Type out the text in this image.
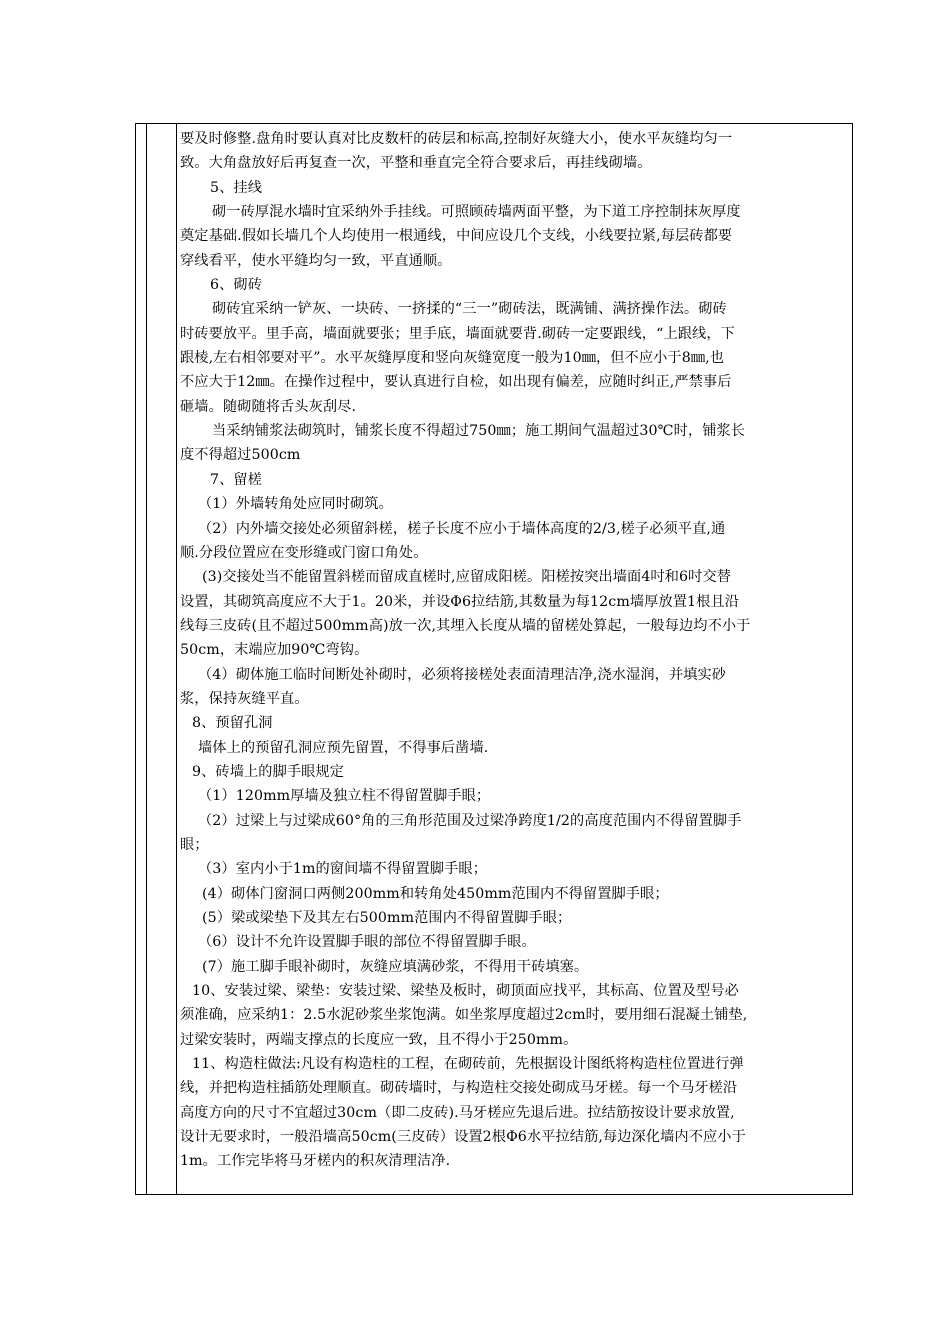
要及时修整.盘角时要认真对比皮数杆的砖层和标高,控制好灰缝大小，使水平灰缝均匀一

致。大角盘放好后再复查一次，平整和垂直完全符合要求后，再挂线砌墙。

5、挂线

砌一砖厚混水墙时宜采纳外手挂线。可照顾砖墙两面平整，为下道工序控制抹灰厚度

奠定基础.假如长墙几个人均使用一根通线，中间应设几个支线，小线要拉紧,每层砖都要

穿线看平，使水平缝均匀一致，平直通顺。

6、砌砖

砌砖宜采纳一铲灰、一块砖、一挤揉的“三一”砌砖法，既满铺、满挤操作法。砌砖

时砖要放平。里手高，墙面就要张；里手底，墙面就要背.砌砖一定要跟线，“上跟线，下

跟棱,左右相邻要对平”。水平灰缝厚度和竖向灰缝宽度一般为10㎜，但不应小于8㎜,也

不应大于12㎜。在操作过程中，要认真进行自检，如出现有偏差，应随时纠正,严禁事后

砸墙。随砌随将舌头灰刮尽.

当采纳铺浆法砌筑时，铺浆长度不得超过750㎜；施工期间气温超过30℃时，铺浆长

度不得超过500cm

7、留槎

（1）外墙转角处应同时砌筑。

（2）内外墙交接处必须留斜槎，槎子长度不应小于墙体高度的2/3,槎子必须平直,通

顺.分段位置应在变形缝或门窗口角处。

(3)交接处当不能留置斜槎而留成直槎时,应留成阳槎。阳槎按突出墙面4吋和6吋交替

设置，其砌筑高度应不大于1。20米，并设Φ6拉结筋,其数量为每12cm墙厚放置1根且沿

线每三皮砖(且不超过500mm高)放一次,其埋入长度从墙的留槎处算起，一般每边均不小于

50cm，末端应加90℃弯钩。

（4）砌体施工临时间断处补砌时，必须将接槎处表面清理洁净,浇水湿润，并填实砂

浆，保持灰缝平直。

8、预留孔洞

墙体上的预留孔洞应预先留置，不得事后凿墙.

9、砖墙上的脚手眼规定

（1）120mm厚墙及独立柱不得留置脚手眼；

（2）过梁上与过梁成60°角的三角形范围及过梁净跨度1/2的高度范围内不得留置脚手

眼；

（3）室内小于1m的窗间墙不得留置脚手眼；

(4）砌体门窗洞口两侧200mm和转角处450mm范围内不得留置脚手眼；

(5）梁或梁垫下及其左右500mm范围内不得留置脚手眼；

（6）设计不允许设置脚手眼的部位不得留置脚手眼。

(7）施工脚手眼补砌时，灰缝应填满砂浆，不得用干砖填塞。

10、安装过梁、梁垫：安装过梁、梁垫及板时，砌顶面应找平，其标高、位置及型号必

须准确，应采纳1：2.5水泥砂浆坐浆饱满。如坐浆厚度超过2cm时，要用细石混凝土铺垫,

过梁安装时，两端支撑点的长度应一致，且不得小于250mm。

11、构造柱做法:凡设有构造柱的工程，在砌砖前，先根据设计图纸将构造柱位置进行弹

线，并把构造柱插筋处理顺直。砌砖墙时，与构造柱交接处砌成马牙槎。每一个马牙槎沿

高度方向的尺寸不宜超过30cm（即二皮砖).马牙槎应先退后进。拉结筋按设计要求放置,

设计无要求时，一般沿墙高50cm(三皮砖）设置2根Φ6水平拉结筋,每边深化墙内不应小于

1m。工作完毕将马牙槎内的积灰清理洁净.
